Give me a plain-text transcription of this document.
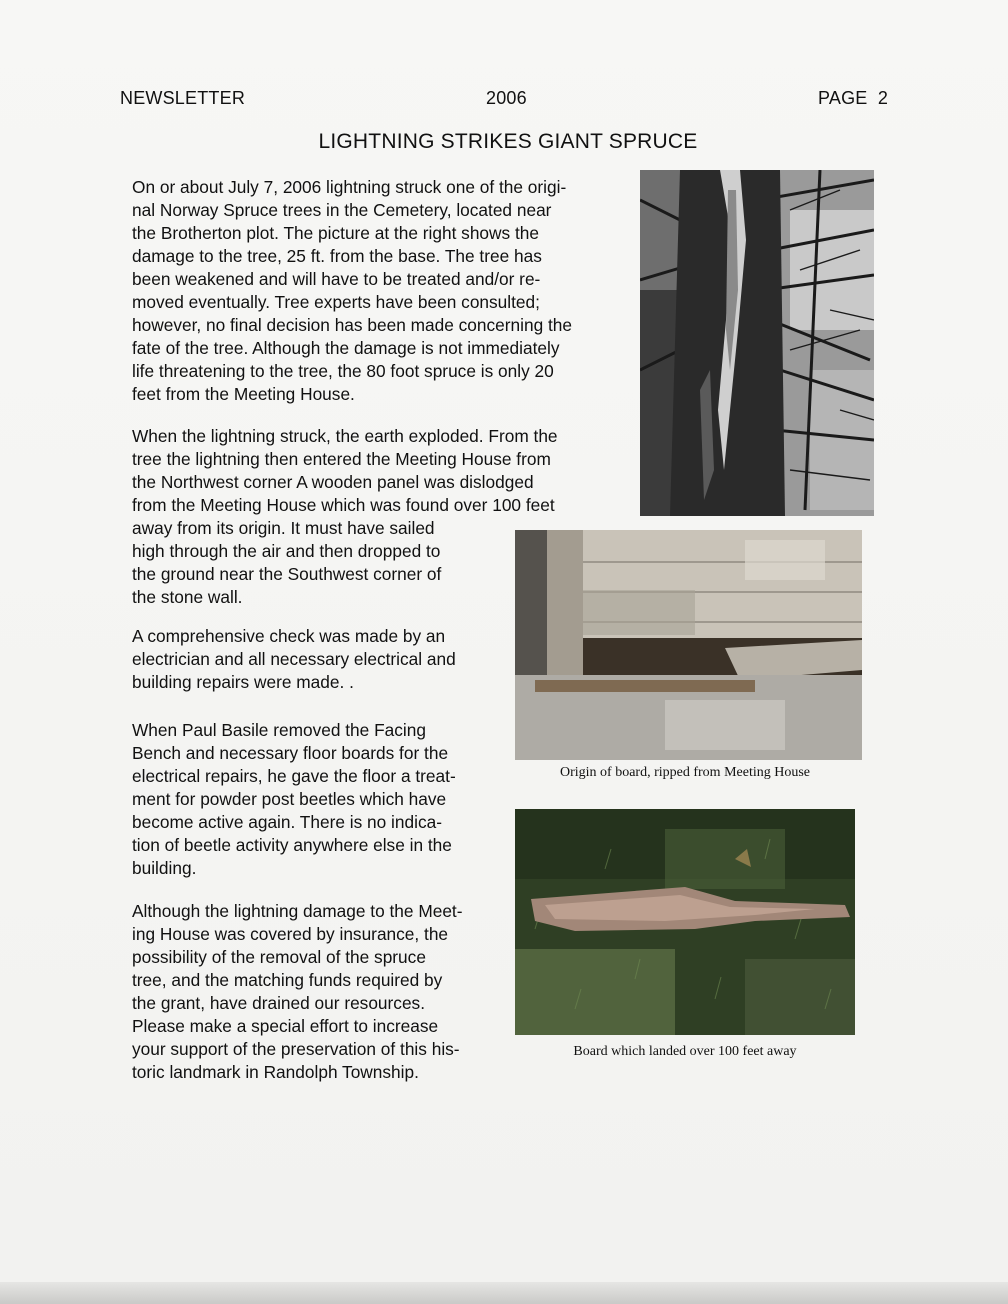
NEWSLETTER	2006	PAGE  2
LIGHTNING STRIKES GIANT SPRUCE

On or about July 7, 2006 lightning struck one of the origi-
nal Norway Spruce trees in the Cemetery, located near
the Brotherton plot. The picture at the right shows the
damage to the tree, 25 ft. from the base. The tree has
been weakened and will have to be treated and/or re-
moved eventually. Tree experts have been consulted;
however, no final decision has been made concerning the
fate of the tree. Although the damage is not immediately
life threatening to the tree, the 80 foot spruce is only 20
feet from the Meeting House.

When the lightning struck, the earth exploded. From the
tree the lightning then entered the Meeting House from
the Northwest corner A wooden panel was dislodged
from the Meeting House which was found over 100 feet
away from its origin. It must have sailed
high through the air and then dropped to
the ground near the Southwest corner of
the stone wall.

A comprehensive check was made by an
electrician and all necessary electrical and
building repairs were made. .

When Paul Basile removed the Facing
Bench and necessary floor boards for the
electrical repairs, he gave the floor a treat-
ment for powder post beetles which have
become active again. There is no indica-
tion of beetle activity anywhere else in the
building.

Although the lightning damage to the Meet-
ing House was covered by insurance, the
possibility of the removal of the spruce
tree, and the matching funds required by
the grant, have drained our resources.
Please make a special effort to increase
your support of the preservation of this his-
toric landmark in Randolph Township.

Origin of board, ripped from Meeting House
Board which landed over 100 feet away
